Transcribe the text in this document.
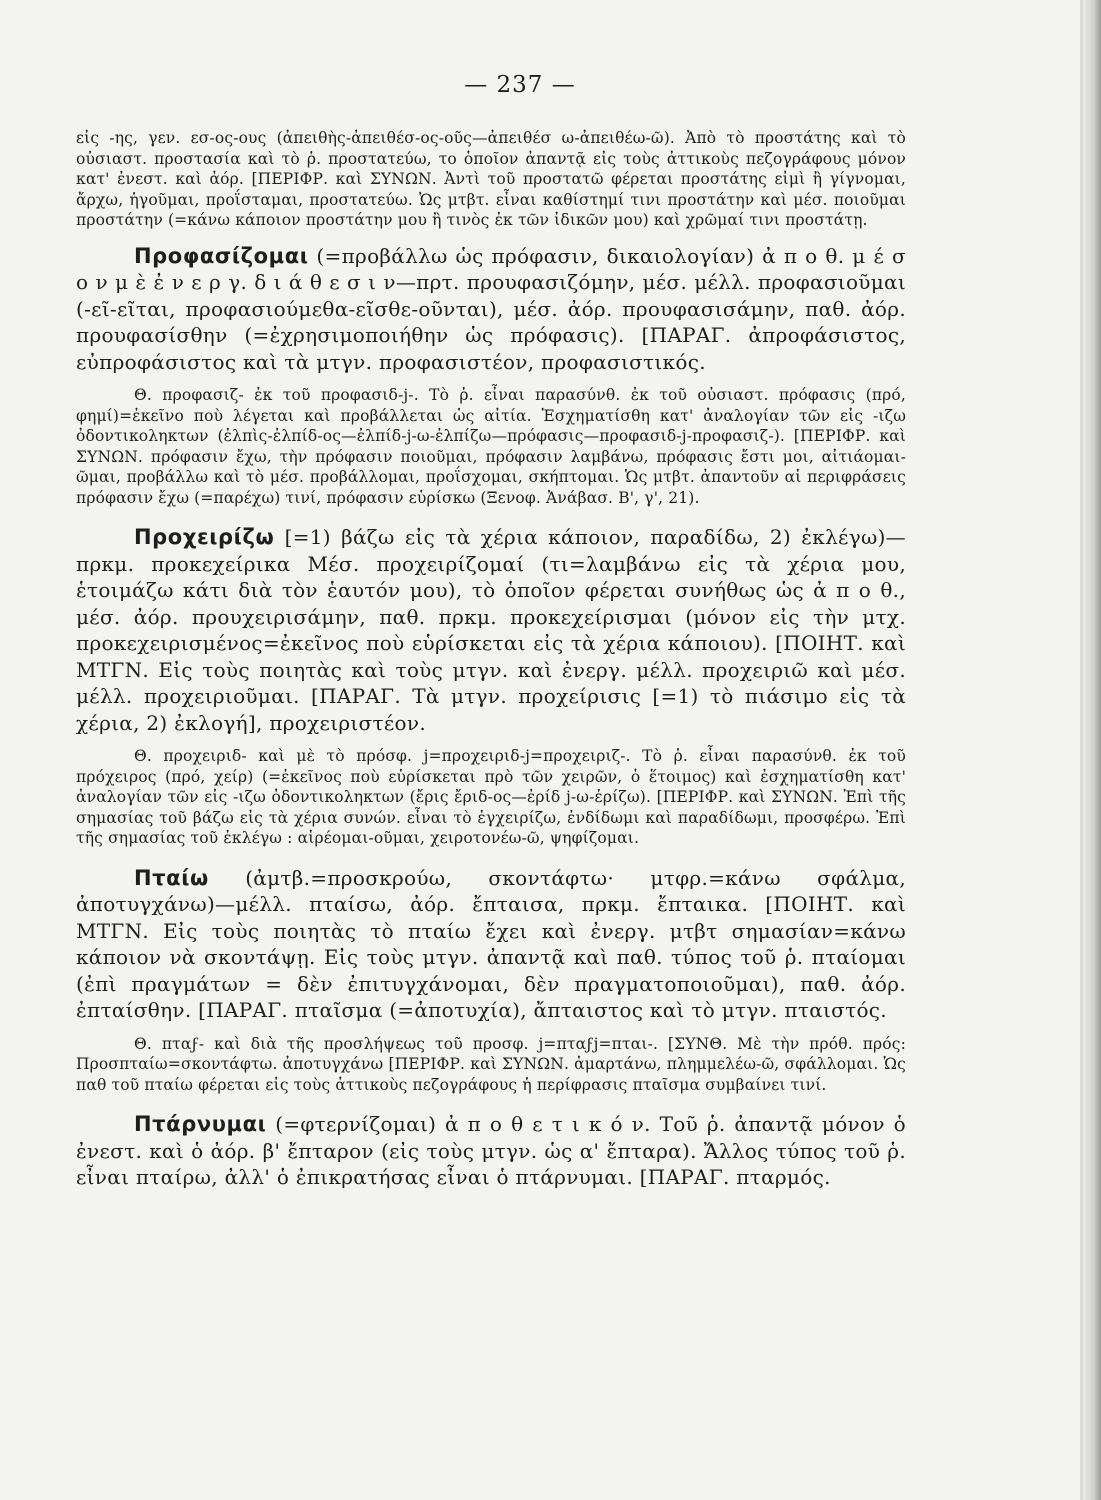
— 237 —

εἰς -ης, γεν. εσ-ος-ους (ἀπειθὴς-ἀπειθέσ-ος-οῦς—ἀπειθέσ ω-ἀπειθέω-ῶ). Ἀπὸ τὸ προστάτης καὶ τὸ οὐσιαστ. προστασία καὶ τὸ ῥ. προστατεύω, το ὁποῖον ἀπαντᾷ εἰς τοὺς ἀττικοὺς πεζογράφους μόνον κατ' ἐνεστ. καὶ ἀόρ. [ΠΕΡΙΦΡ. καὶ ΣΥΝΩΝ. Ἀντὶ τοῦ προστατῶ φέρεται προστάτης εἰμὶ ἢ γίγνομαι, ἄρχω, ἡγοῦμαι, προΐσταμαι, προστατεύω. Ὡς μτβτ. εἶναι καθίστημί τινι προστάτην καὶ μέσ. ποιοῦμαι προστάτην (=κάνω κάποιον προστάτην μου ἢ τινὸς ἐκ τῶν ἰδικῶν μου) καὶ χρῶμαί τινι προστάτῃ.

Προφασίζομαι (=προβάλλω ὡς πρόφασιν, δικαιολογίαν) ἀ π ο θ. μ έ σ ο ν μ ὲ ἐ ν ε ρ γ. δ ι ά θ ε σ ι ν—πρτ. προυφασιζόμην, μέσ. μέλλ. προφασιοῦμαι (-εῖ-εῖται, προφασιούμεθα-εῖσθε-οῦνται), μέσ. ἀόρ. προυφασισάμην, παθ. ἀόρ. προυφασίσθην (=ἐχρησιμοποιήθην ὡς πρόφασις). [ΠΑΡΑΓ. ἀπροφάσιστος, εὐπροφάσιστος καὶ τὰ μτγν. προφασιστέον, προφασιστικός.

Θ. προφασιζ- ἐκ τοῦ προφασιδ-j-. Τὸ ῥ. εἶναι παρασύνθ. ἐκ τοῦ οὐσιαστ. πρόφασις (πρό, φημί)=ἐκεῖνο ποὺ λέγεται καὶ προβάλλεται ὡς αἰτία. Ἐσχηματίσθη κατ' ἀναλογίαν τῶν εἰς -ιζω ὀδοντικοληκτων (ἐλπὶς-ἐλπίδ-ος—ἐλπίδ-j-ω-ἐλπίζω—πρόφασις—προφασιδ-j-προφασιζ-). [ΠΕΡΙΦΡ. καὶ ΣΥΝΩΝ. πρόφασιν ἔχω, τὴν πρόφασιν ποιοῦμαι, πρόφασιν λαμβάνω, πρόφασις ἔστι μοι, αἰτιάομαι-ῶμαι, προβάλλω καὶ τὸ μέσ. προβάλλομαι, προΐσχομαι, σκήπτομαι. Ὡς μτβτ. ἀπαντοῦν αἱ περιφράσεις πρόφασιν ἔχω (=παρέχω) τινί, πρόφασιν εὑρίσκω (Ξενοφ. Ἀνάβασ. Β', γ', 21).

Προχειρίζω [=1) βάζω εἰς τὰ χέρια κάποιον, παραδίδω, 2) ἐκλέγω)—πρκμ. προκεχείρικα Μέσ. προχειρίζομαί (τι=λαμβάνω εἰς τὰ χέρια μου, ἑτοιμάζω κάτι διὰ τὸν ἑαυτόν μου), τὸ ὁποῖον φέρεται συνήθως ὡς ἀ π ο θ., μέσ. ἀόρ. προυχειρισάμην, παθ. πρκμ. προκεχείρισμαι (μόνον εἰς τὴν μτχ. προκεχειρισμένος=ἐκεῖνος ποὺ εὑρίσκεται εἰς τὰ χέρια κάποιου). [ΠΟΙΗΤ. καὶ ΜΤΓΝ. Εἰς τοὺς ποιητὰς καὶ τοὺς μτγν. καὶ ἐνεργ. μέλλ. προχειριῶ καὶ μέσ. μέλλ. προχειριοῦμαι. [ΠΑΡΑΓ. Τὰ μτγν. προχείρισις [=1) τὸ πιάσιμο εἰς τὰ χέρια, 2) ἐκλογή], προχειριστέον.

Θ. προχειριδ- καὶ μὲ τὸ πρόσφ. j=προχειριδ-j=προχειριζ-. Τὸ ῥ. εἶναι παρασύνθ. ἐκ τοῦ πρόχειρος (πρό, χείρ) (=ἐκεῖνος ποὺ εὑρίσκεται πρὸ τῶν χειρῶν, ὁ ἕτοιμος) καὶ ἐσχηματίσθη κατ' ἀναλογίαν τῶν εἰς -ιζω ὀδοντικοληκτων (ἔρις ἔριδ-ος—ἐρίδ j-ω-ἐρίζω). [ΠΕΡΙΦΡ. καὶ ΣΥΝΩΝ. Ἐπὶ τῆς σημασίας τοῦ βάζω εἰς τὰ χέρια συνών. εἶναι τὸ ἐγχειρίζω, ἐνδίδωμι καὶ παραδίδωμι, προσφέρω. Ἐπὶ τῆς σημασίας τοῦ ἐκλέγω : αἱρέομαι-οῦμαι, χειροτονέω-ῶ, ψηφίζομαι.

Πταίω (ἀμτβ.=προσκρούω, σκοντάφτω· μτφρ.=κάνω σφάλμα, ἀποτυγχάνω)—μέλλ. πταίσω, ἀόρ. ἔπταισα, πρκμ. ἔπταικα. [ΠΟΙΗΤ. καὶ ΜΤΓΝ. Εἰς τοὺς ποιητὰς τὸ πταίω ἔχει καὶ ἐνεργ. μτβτ σημασίαν=κάνω κάποιον νὰ σκοντάψῃ. Εἰς τοὺς μτγν. ἀπαντᾷ καὶ παθ. τύπος τοῦ ῥ. πταίομαι (ἐπὶ πραγμάτων = δὲν ἐπιτυγχάνομαι, δὲν πραγματοποιοῦμαι), παθ. ἀόρ. ἐπταίσθην. [ΠΑΡΑΓ. πταῖσμα (=ἀποτυχία), ἄπταιστος καὶ τὸ μτγν. πταιστός.

Θ. πταϝ- καὶ διὰ τῆς προσλήψεως τοῦ προσφ. j=πταϝj=πται-. [ΣΥΝΘ. Μὲ τὴν πρόθ. πρός: Προσπταίω=σκοντάφτω. ἀποτυγχάνω [ΠΕΡΙΦΡ. καὶ ΣΥΝΩΝ. ἁμαρτάνω, πλημμελέω-ῶ, σφάλλομαι. Ὡς παθ τοῦ πταίω φέρεται εἰς τοὺς ἀττικοὺς πεζογράφους ἡ περίφρασις πταῖσμα συμβαίνει τινί.

Πτάρνυμαι (=φτερνίζομαι) ἀ π ο θ ε τ ι κ ό ν. Τοῦ ῥ. ἀπαντᾷ μόνον ὁ ἐνεστ. καὶ ὁ ἀόρ. β' ἔπταρον (εἰς τοὺς μτγν. ὡς α' ἔπταρα). Ἄλλος τύπος τοῦ ῥ. εἶναι πταίρω, ἀλλ' ὁ ἐπικρατήσας εἶναι ὁ πτάρνυμαι. [ΠΑΡΑΓ. πταρμός.
